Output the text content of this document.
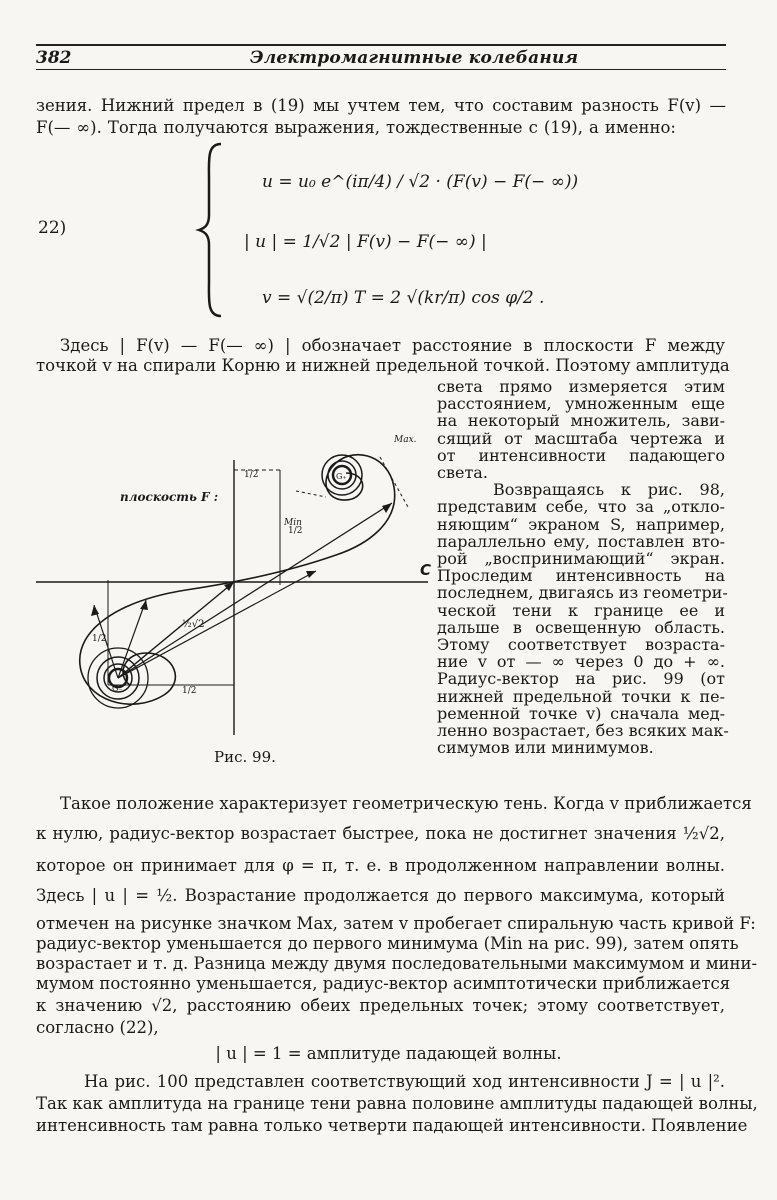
382	Электромагнитные колебания
зения. Нижний предел в (19) мы учтем тем, что составим разность F(v) —
F(— ∞). Тогда получаются выражения, тождественные с (19), а именно:
22)
u = u₀ e^(iπ/4) / √2 · (F(v) − F(− ∞))
| u | = 1/√2 | F(v) − F(− ∞) |
v = √(2/π) T = 2 √(kr/π) cos φ/2 .
Здесь | F(v) — F(— ∞) | обозначает расстояние в плоскости F между
точкой v на спирали Корню и нижней предельной точкой. Поэтому амплитуда
света прямо измеряется этим
расстоянием, умноженным еще
на некоторый множитель, зави-
сящий от масштаба чертежа и
от интенсивности падающего
света.
Возвращаясь к рис. 98,
представим себе, что за „откло-
няющим“ экраном S, например,
параллельно ему, поставлен вто-
рой „воспринимающий“ экран.
Проследим интенсивность на
последнем, двигаясь из геометри-
ческой тени к границе ее и
дальше в освещенную область.
Этому соответствует возраста-
ние v от — ∞ через 0 до + ∞.
Радиус-вектор на рис. 99 (от
нижней предельной точки к пе-
ременной точке v) сначала мед-
ленно возрастает, без всяких мак-
симумов или минимумов.
плоскость F :
C
Max.
Min
1/2
1/2
1/2
1/2
½√2
G₊
G₋
Рис. 99.
Такое положение характеризует геометрическую тень. Когда v приближается
к нулю, радиус-вектор возрастает быстрее, пока не достигнет значения ½√2,
которое он принимает для φ = π, т. е. в продолженном направлении волны.
Здесь | u | = ½. Возрастание продолжается до первого максимума, который
отмечен на рисунке значком Max, затем v пробегает спиральную часть кривой F:
радиус-вектор уменьшается до первого минимума (Min на рис. 99), затем опять
возрастает и т. д. Разница между двумя последовательными максимумом и мини-
мумом постоянно уменьшается, радиус-вектор асимптотически приближается
к значению √2, расстоянию обеих предельных точек; этому соответствует,
согласно (22),
| u | = 1 = амплитуде падающей волны.
На рис. 100 представлен соответствующий ход интенсивности J = | u |².
Так как амплитуда на границе тени равна половине амплитуды падающей волны,
интенсивность там равна только четверти падающей интенсивности. Появление
